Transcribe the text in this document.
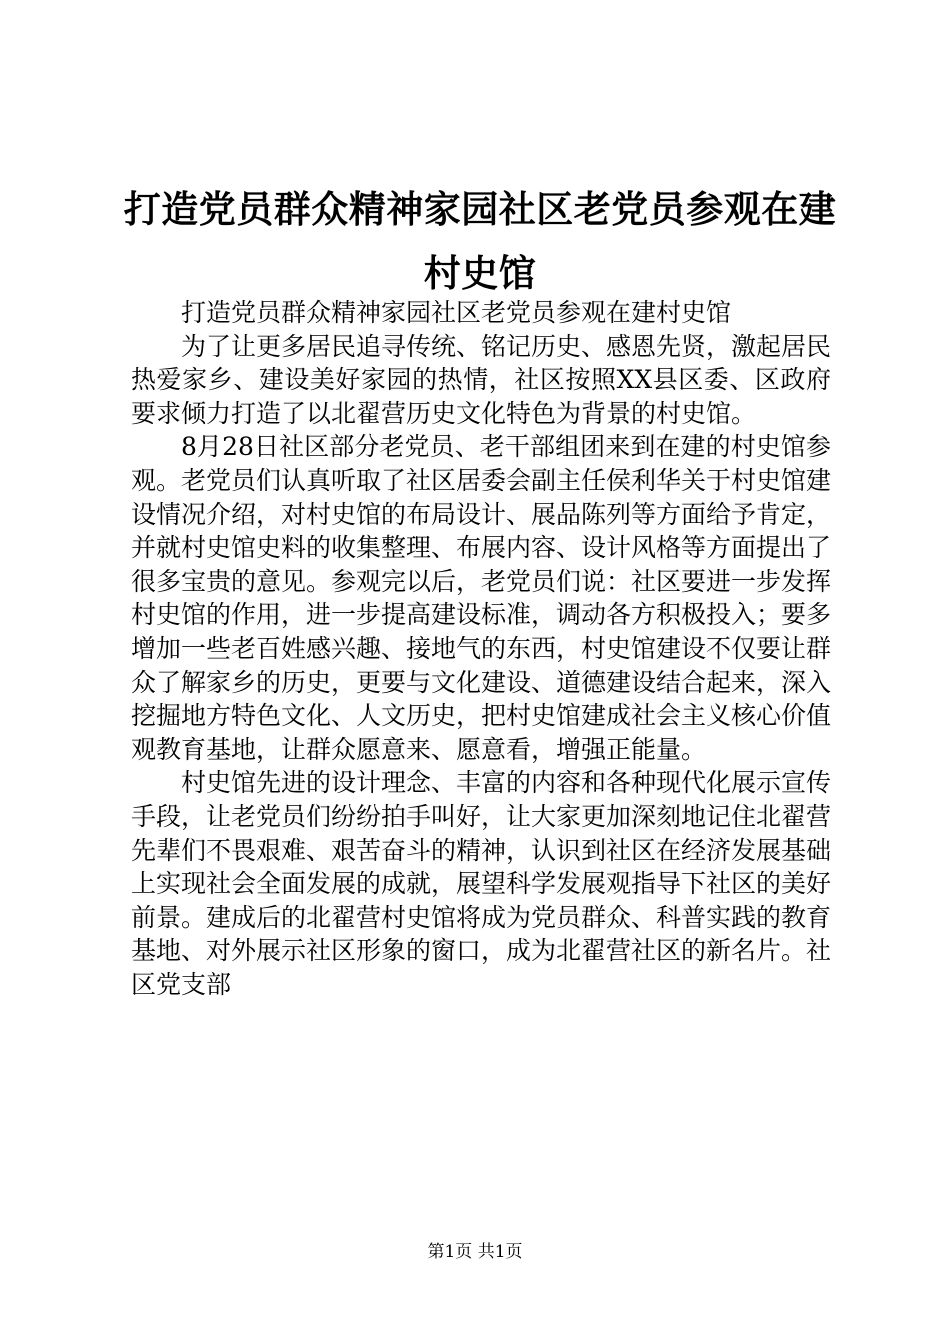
打造党员群众精神家园社区老党员参观在建村史馆

打造党员群众精神家园社区老党员参观在建村史馆

为了让更多居民追寻传统、铭记历史、感恩先贤，激起居民热爱家乡、建设美好家园的热情，社区按照XX县区委、区政府要求倾力打造了以北翟营历史文化特色为背景的村史馆。

8月28日社区部分老党员、老干部组团来到在建的村史馆参观。老党员们认真听取了社区居委会副主任侯利华关于村史馆建设情况介绍，对村史馆的布局设计、展品陈列等方面给予肯定，并就村史馆史料的收集整理、布展内容、设计风格等方面提出了很多宝贵的意见。参观完以后，老党员们说：社区要进一步发挥村史馆的作用，进一步提高建设标准，调动各方积极投入；要多增加一些老百姓感兴趣、接地气的东西，村史馆建设不仅要让群众了解家乡的历史，更要与文化建设、道德建设结合起来，深入挖掘地方特色文化、人文历史，把村史馆建成社会主义核心价值观教育基地，让群众愿意来、愿意看，增强正能量。

村史馆先进的设计理念、丰富的内容和各种现代化展示宣传手段，让老党员们纷纷拍手叫好，让大家更加深刻地记住北翟营先辈们不畏艰难、艰苦奋斗的精神，认识到社区在经济发展基础上实现社会全面发展的成就，展望科学发展观指导下社区的美好前景。建成后的北翟营村史馆将成为党员群众、科普实践的教育基地、对外展示社区形象的窗口，成为北翟营社区的新名片。社区党支部

第1页 共1页
